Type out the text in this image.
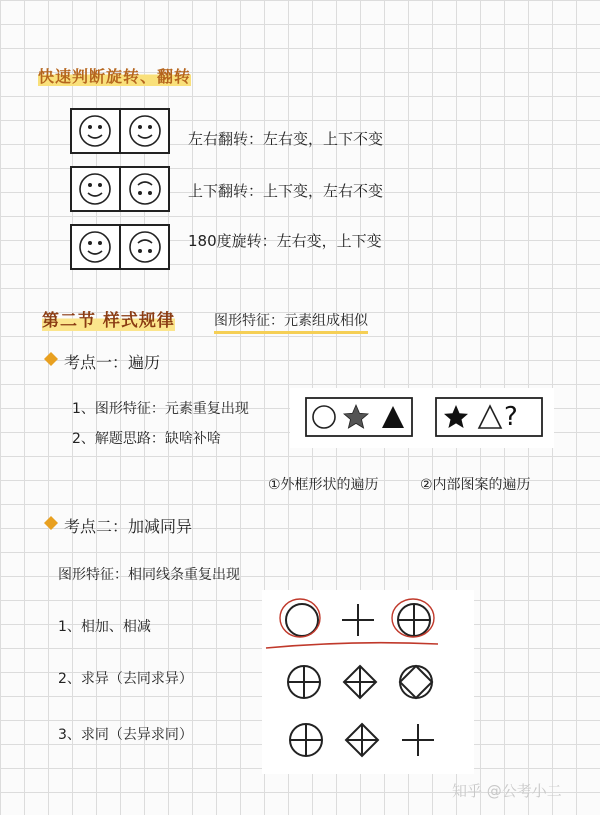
快速判断旋转、翻转
左右翻转：左右变，上下不变
上下翻转：上下变，左右不变
180度旋转：左右变，上下变
第二节 样式规律	图形特征：元素组成相似
考点一：遍历
1、图形特征：元素重复出现
2、解题思路：缺啥补啥
?
①外框形状的遍历	②内部图案的遍历
考点二：加减同异
图形特征：相同线条重复出现
1、相加、相减
2、求异（去同求异）
3、求同（去异求同）
知乎 @公考小二
